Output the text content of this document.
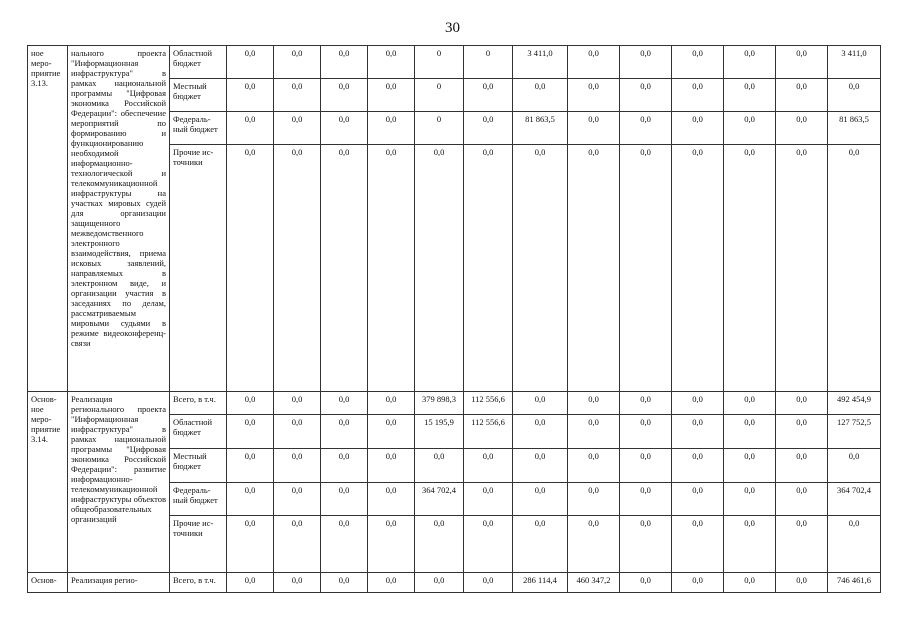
30
ное меро-приятие 3.13.	нального проекта "Информационная инфраструктура" в рамках национальной программы "Цифровая экономика Российской Федерации": обеспечение мероприятий по формированию и функционированию необходимой информационно-технологической и телекоммуникационной инфраструктуры на участках мировых судей для организации защищенного межведомственного электронного взаимодействия, приема исковых заявлений, направляемых в электронном виде, и организации участия в заседаниях по делам, рассматриваемым мировыми судьями в режиме видеоконференц-связи	Областной бюджет	0,0	0,0	0,0	0,0	0	0	3 411,0	0,0	0,0	0,0	0,0	0,0	3 411,0
		Местный бюджет	0,0	0,0	0,0	0,0	0	0,0	0,0	0,0	0,0	0,0	0,0	0,0	0,0
		Федераль-ный бюджет	0,0	0,0	0,0	0,0	0	0,0	81 863,5	0,0	0,0	0,0	0,0	0,0	81 863,5
		Прочие ис-точники	0,0	0,0	0,0	0,0	0,0	0,0	0,0	0,0	0,0	0,0	0,0	0,0	0,0
Основ-ное меро-приятие 3.14.	Реализация регионального проекта "Информационная инфраструктура" в рамках национальной программы "Цифровая экономика Российской Федерации": развитие информационно-телекоммуникационной инфраструктуры объектов общеобразовательных организаций	Всего, в т.ч.	0,0	0,0	0,0	0,0	379 898,3	112 556,6	0,0	0,0	0,0	0,0	0,0	0,0	492 454,9
		Областной бюджет	0,0	0,0	0,0	0,0	15 195,9	112 556,6	0,0	0,0	0,0	0,0	0,0	0,0	127 752,5
		Местный бюджет	0,0	0,0	0,0	0,0	0,0	0,0	0,0	0,0	0,0	0,0	0,0	0,0	0,0
		Федераль-ный бюджет	0,0	0,0	0,0	0,0	364 702,4	0,0	0,0	0,0	0,0	0,0	0,0	0,0	364 702,4
		Прочие ис-точники	0,0	0,0	0,0	0,0	0,0	0,0	0,0	0,0	0,0	0,0	0,0	0,0	0,0
Основ-	Реализация регио-	Всего, в т.ч.	0,0	0,0	0,0	0,0	0,0	0,0	286 114,4	460 347,2	0,0	0,0	0,0	0,0	746 461,6
